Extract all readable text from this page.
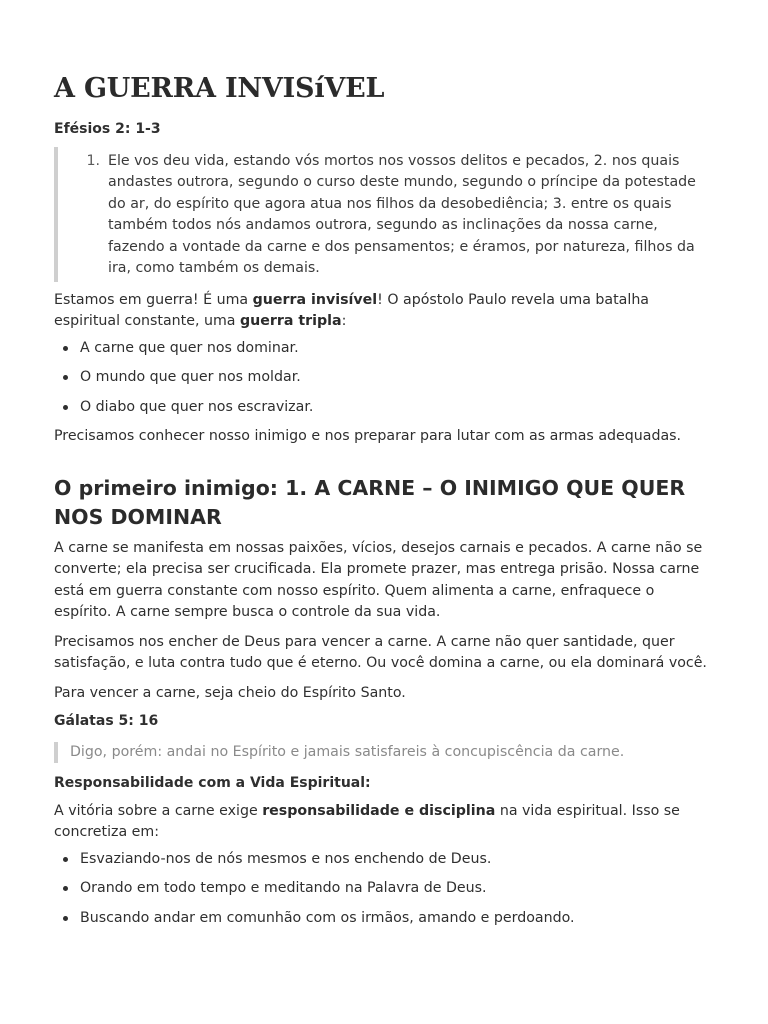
A GUERRA INVISíVEL

Efésios 2: 1-3

1. Ele vos deu vida, estando vós mortos nos vossos delitos e pecados, 2. nos quais andastes outrora, segundo o curso deste mundo, segundo o príncipe da potestade do ar, do espírito que agora atua nos filhos da desobediência; 3. entre os quais também todos nós andamos outrora, segundo as inclinações da nossa carne, fazendo a vontade da carne e dos pensamentos; e éramos, por natureza, filhos da ira, como também os demais.

Estamos em guerra! É uma guerra invisível! O apóstolo Paulo revela uma batalha espiritual constante, uma guerra tripla:

A carne que quer nos dominar.
O mundo que quer nos moldar.
O diabo que quer nos escravizar.

Precisamos conhecer nosso inimigo e nos preparar para lutar com as armas adequadas.

O primeiro inimigo: 1. A CARNE – O INIMIGO QUE QUER NOS DOMINAR

A carne se manifesta em nossas paixões, vícios, desejos carnais e pecados. A carne não se converte; ela precisa ser crucificada. Ela promete prazer, mas entrega prisão. Nossa carne está em guerra constante com nosso espírito. Quem alimenta a carne, enfraquece o espírito. A carne sempre busca o controle da sua vida.

Precisamos nos encher de Deus para vencer a carne. A carne não quer santidade, quer satisfação, e luta contra tudo que é eterno. Ou você domina a carne, ou ela dominará você.

Para vencer a carne, seja cheio do Espírito Santo.

Gálatas 5: 16

Digo, porém: andai no Espírito e jamais satisfareis à concupiscência da carne.

Responsabilidade com a Vida Espiritual:

A vitória sobre a carne exige responsabilidade e disciplina na vida espiritual. Isso se concretiza em:

Esvaziando-nos de nós mesmos e nos enchendo de Deus.
Orando em todo tempo e meditando na Palavra de Deus.
Buscando andar em comunhão com os irmãos, amando e perdoando.
